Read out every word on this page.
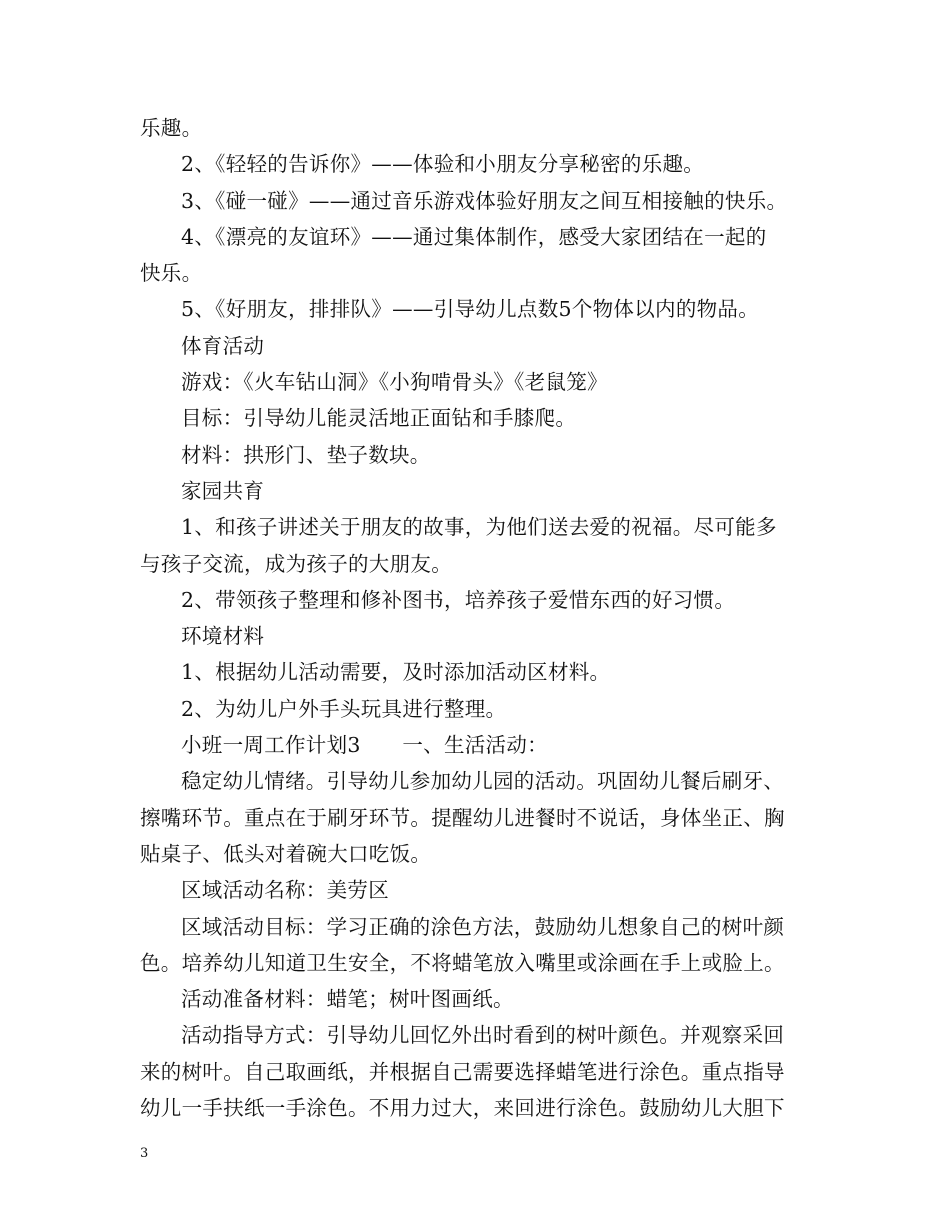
乐趣。
2、《轻轻的告诉你》——体验和小朋友分享秘密的乐趣。
3、《碰一碰》——通过音乐游戏体验好朋友之间互相接触的快乐。
4、《漂亮的友谊环》——通过集体制作，感受大家团结在一起的
快乐。
5、《好朋友，排排队》——引导幼儿点数5个物体以内的物品。
体育活动
游戏：《火车钻山洞》《小狗啃骨头》《老鼠笼》
目标：引导幼儿能灵活地正面钻和手膝爬。
材料：拱形门、垫子数块。
家园共育
1、和孩子讲述关于朋友的故事，为他们送去爱的祝福。尽可能多
与孩子交流，成为孩子的大朋友。
2、带领孩子整理和修补图书，培养孩子爱惜东西的好习惯。
环境材料
1、根据幼儿活动需要，及时添加活动区材料。
2、为幼儿户外手头玩具进行整理。
小班一周工作计划3　　一、生活活动：
稳定幼儿情绪。引导幼儿参加幼儿园的活动。巩固幼儿餐后刷牙、
擦嘴环节。重点在于刷牙环节。提醒幼儿进餐时不说话，身体坐正、胸
贴桌子、低头对着碗大口吃饭。
区域活动名称：美劳区
区域活动目标：学习正确的涂色方法，鼓励幼儿想象自己的树叶颜
色。培养幼儿知道卫生安全，不将蜡笔放入嘴里或涂画在手上或脸上。
活动准备材料：蜡笔；树叶图画纸。
活动指导方式：引导幼儿回忆外出时看到的树叶颜色。并观察采回
来的树叶。自己取画纸，并根据自己需要选择蜡笔进行涂色。重点指导
幼儿一手扶纸一手涂色。不用力过大，来回进行涂色。鼓励幼儿大胆下
3
